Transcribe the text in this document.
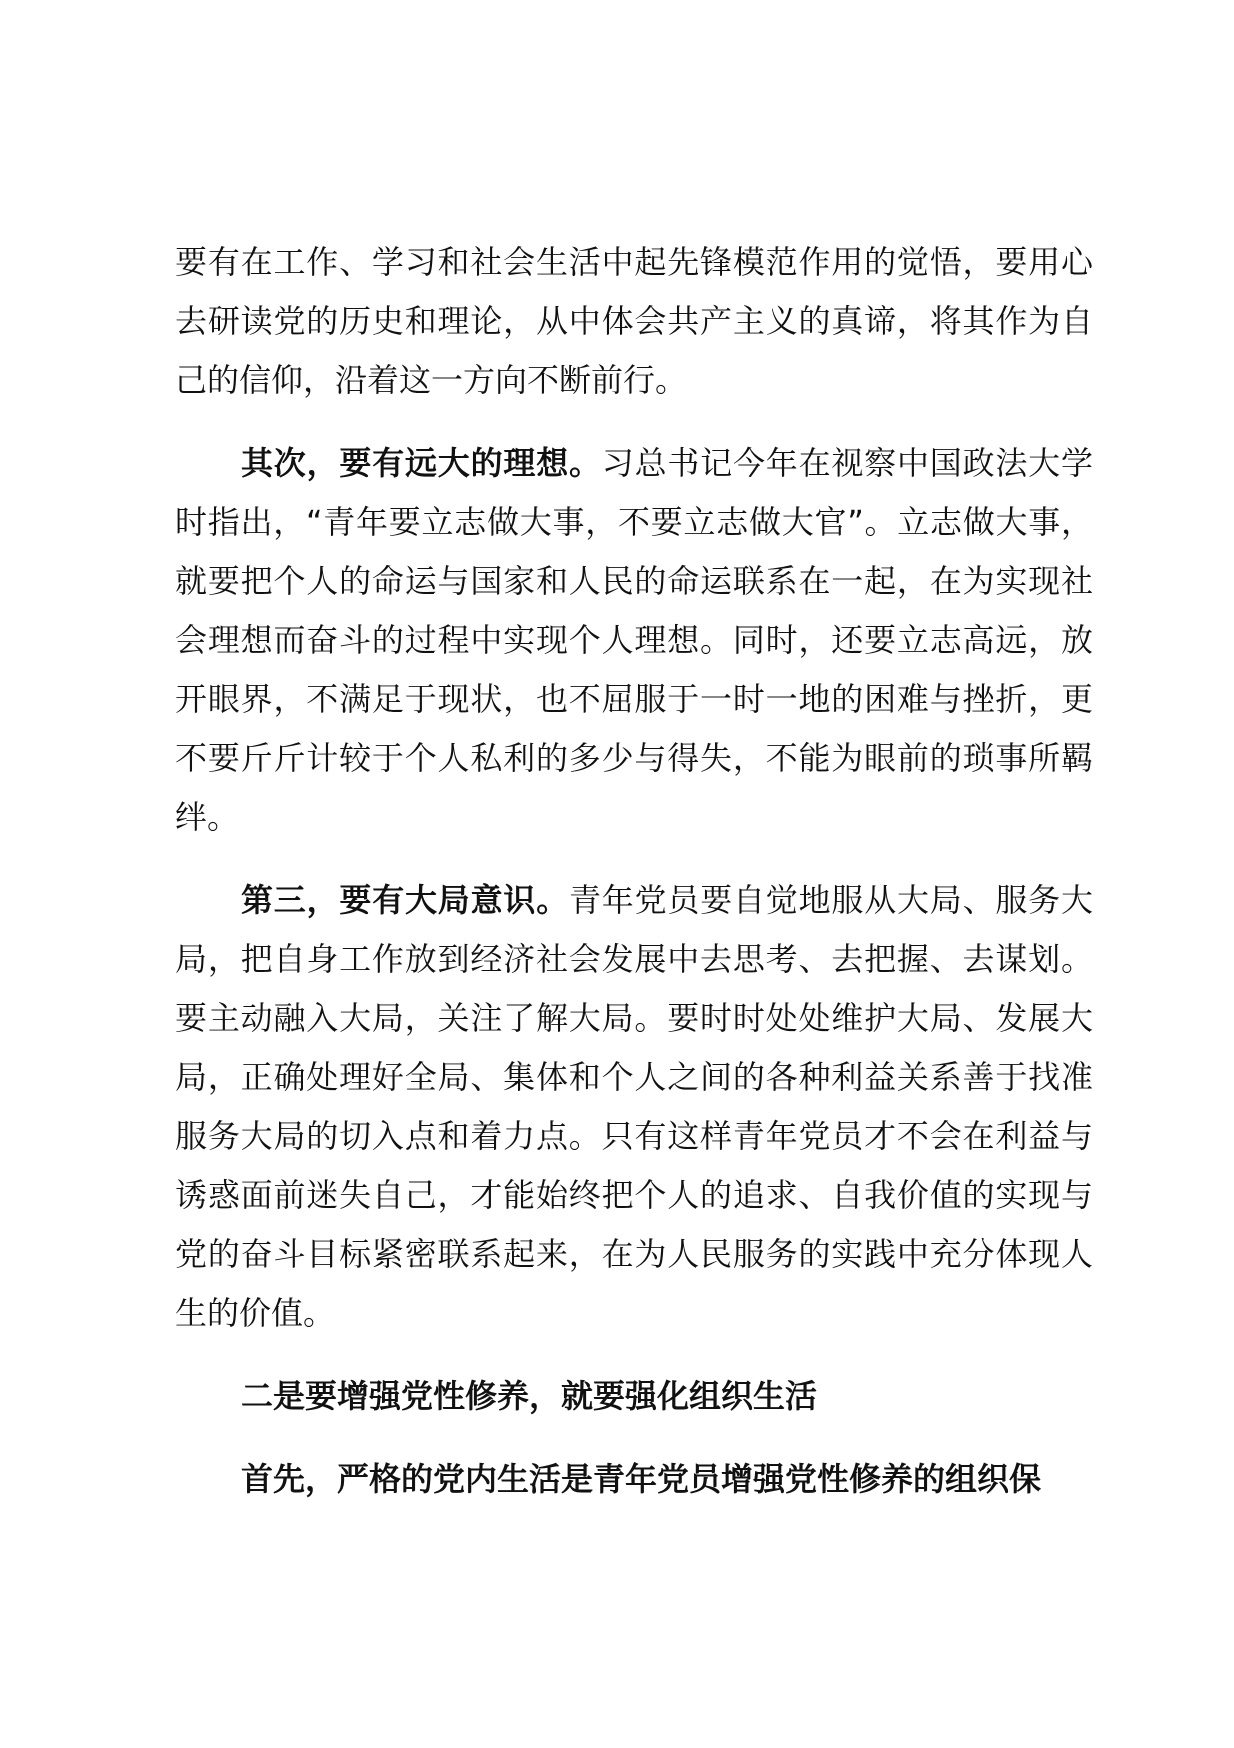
要有在工作、学习和社会生活中起先锋模范作用的觉悟，要用心去研读党的历史和理论，从中体会共产主义的真谛，将其作为自己的信仰，沿着这一方向不断前行。

其次，要有远大的理想。习总书记今年在视察中国政法大学时指出，“青年要立志做大事，不要立志做大官”。立志做大事，就要把个人的命运与国家和人民的命运联系在一起，在为实现社会理想而奋斗的过程中实现个人理想。同时，还要立志高远，放开眼界，不满足于现状，也不屈服于一时一地的困难与挫折，更不要斤斤计较于个人私利的多少与得失，不能为眼前的琐事所羁绊。

第三，要有大局意识。青年党员要自觉地服从大局、服务大局，把自身工作放到经济社会发展中去思考、去把握、去谋划。要主动融入大局，关注了解大局。要时时处处维护大局、发展大局，正确处理好全局、集体和个人之间的各种利益关系善于找准服务大局的切入点和着力点。只有这样青年党员才不会在利益与诱惑面前迷失自己，才能始终把个人的追求、自我价值的实现与党的奋斗目标紧密联系起来，在为人民服务的实践中充分体现人生的价值。

二是要增强党性修养，就要强化组织生活

首先，严格的党内生活是青年党员增强党性修养的组织保
